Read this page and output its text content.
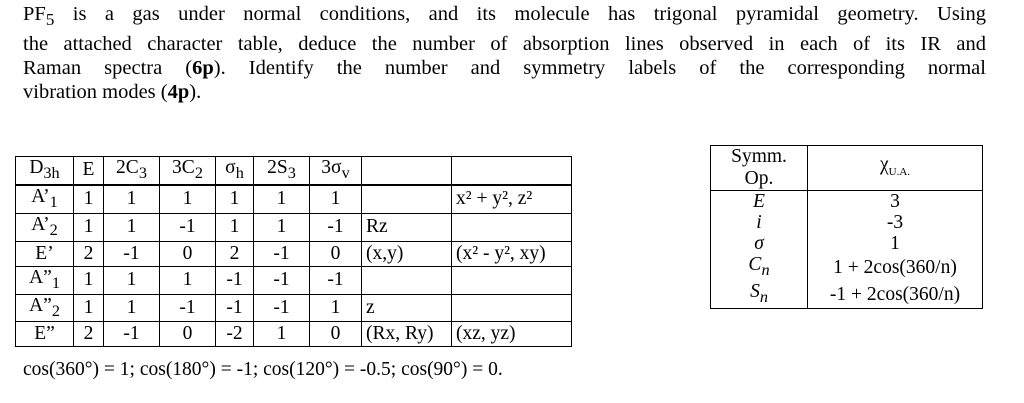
$PF_5$ is a gas under normal conditions, and its molecule has trigonal pyramidal geometry. Using
the attached character table, deduce the number of absorption lines observed in each of its IR and
Raman spectra (6p). Identify the number and symmetry labels of the corresponding normal
vibration modes (4p).
$D_{3h}$	E	$2C_3$	$3C_2$	$\sigma_h$	$2S_3$	$3\sigma_v$		
$A’_1$	1	1	1	1	1	1		x² + y², z²
$A’_2$	1	1	-1	1	1	-1	Rz	
E’	2	-1	0	2	-1	0	(x,y)	(x² - y², xy)
$A”_1$	1	1	1	-1	-1	-1		
$A”_2$	1	1	-1	-1	-1	1	z	
E”	2	-1	0	-2	1	0	(Rx, Ry)	(xz, yz)
cos(360°) = 1; cos(180°) = -1; cos(120°) = -0.5; cos(90°) = 0.
Symm.
Op.	$\chi_{U.A.}$
E	3
i	-3
σ	1
$C_n$	1 + 2cos(360/n)
$S_n$	-1 + 2cos(360/n)
